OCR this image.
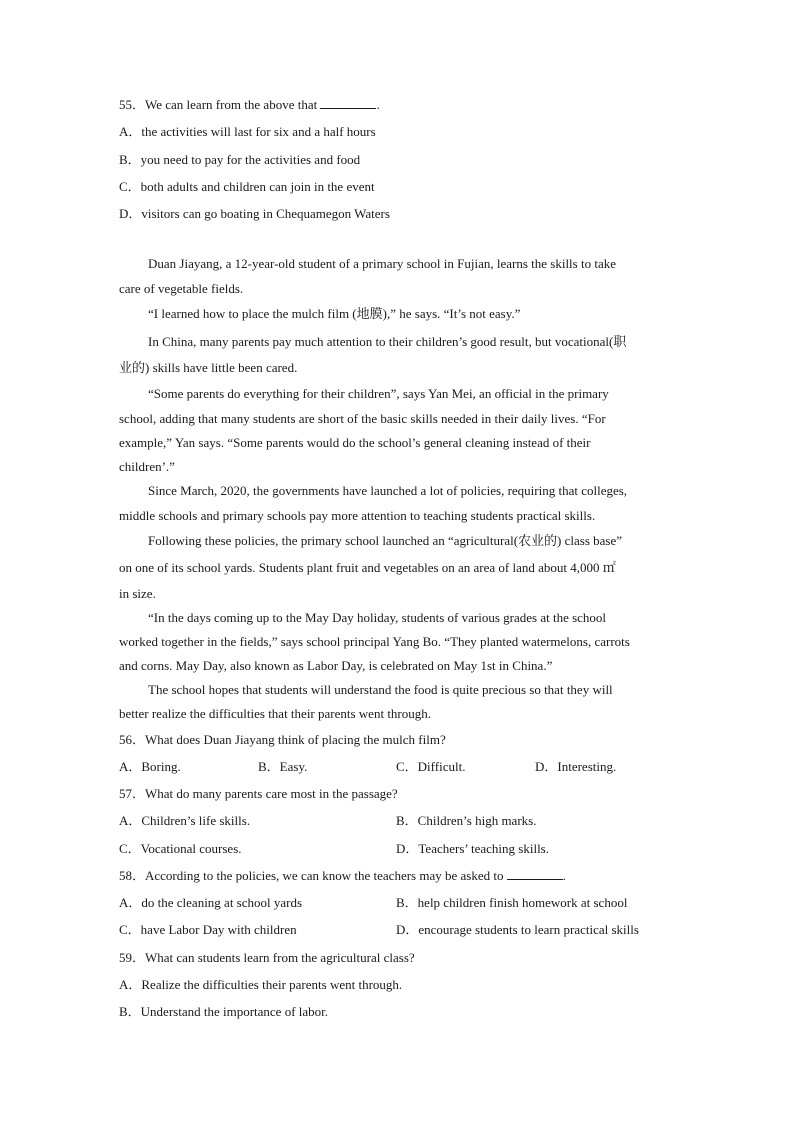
55．We can learn from the above that	.
A．the activities will last for six and a half hours
B．you need to pay for the activities and food
C．both adults and children can join in the event
D．visitors can go boating in Chequamegon Waters
Duan Jiayang, a 12-year-old student of a primary school in Fujian, learns the skills to take
care of vegetable fields.
“I learned how to place the mulch film (地膜),” he says. “It’s not easy.”
In China, many parents pay much attention to their children’s good result, but vocational(职
业的) skills have little been cared.
“Some parents do everything for their children”, says Yan Mei, an official in the primary
school, adding that many students are short of the basic skills needed in their daily lives. “For
example,” Yan says. “Some parents would do the school’s general cleaning instead of their
children’.”
Since March, 2020, the governments have launched a lot of policies, requiring that colleges,
middle schools and primary schools pay more attention to teaching students practical skills.
Following these policies, the primary school launched an “agricultural(农业的) class base”
on one of its school yards. Students plant fruit and vegetables on an area of land about 4,000 ㎡
in size.
“In the days coming up to the May Day holiday, students of various grades at the school
worked together in the fields,” says school principal Yang Bo. “They planted watermelons, carrots
and corns. May Day, also known as Labor Day, is celebrated on May 1st in China.”
The school hopes that students will understand the food is quite precious so that they will
better realize the difficulties that their parents went through.
56．What does Duan Jiayang think of placing the mulch film?
A．Boring.	B．Easy.	C．Difficult.	D．Interesting.
57．What do many parents care most in the passage?
A．Children’s life skills.	B．Children’s high marks.
C．Vocational courses.	D．Teachers’ teaching skills.
58．According to the policies, we can know the teachers may be asked to	.
A．do the cleaning at school yards	B．help children finish homework at school
C．have Labor Day with children	D．encourage students to learn practical skills
59．What can students learn from the agricultural class?
A．Realize the difficulties their parents went through.
B．Understand the importance of labor.
